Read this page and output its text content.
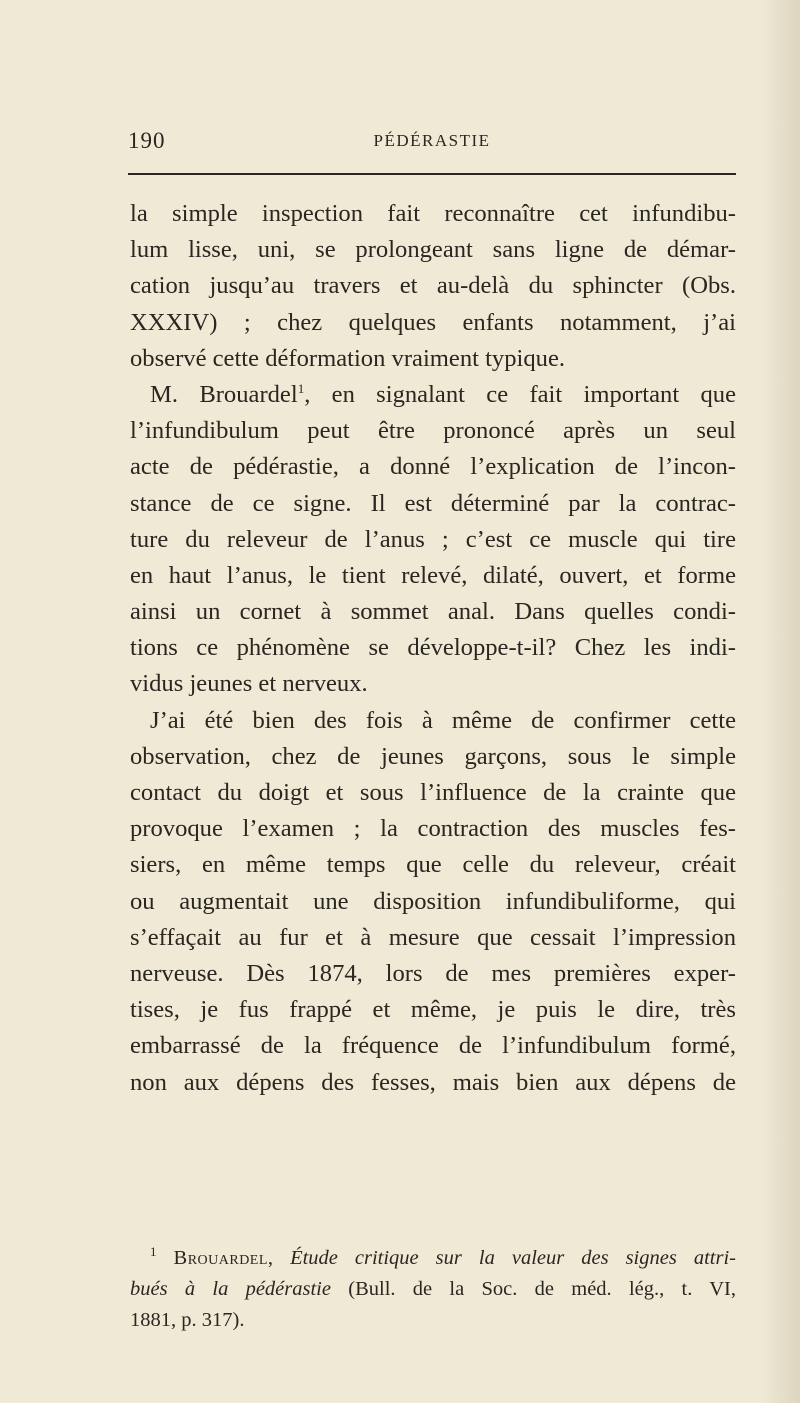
190	PÉDÉRASTIE
la simple inspection fait reconnaître cet infundibu-
lum lisse, uni, se prolongeant sans ligne de démar-
cation jusqu’au travers et au-delà du sphincter (Obs.
XXXIV) ; chez quelques enfants notamment, j’ai
observé cette déformation vraiment typique.
M. Brouardel$^1$, en signalant ce fait important que
l’infundibulum peut être prononcé après un seul
acte de pédérastie, a donné l’explication de l’incon-
stance de ce signe. Il est déterminé par la contrac-
ture du releveur de l’anus ; c’est ce muscle qui tire
en haut l’anus, le tient relevé, dilaté, ouvert, et forme
ainsi un cornet à sommet anal. Dans quelles condi-
tions ce phénomène se développe-t-il? Chez les indi-
vidus jeunes et nerveux.
J’ai été bien des fois à même de confirmer cette
observation, chez de jeunes garçons, sous le simple
contact du doigt et sous l’influence de la crainte que
provoque l’examen ; la contraction des muscles fes-
siers, en même temps que celle du releveur, créait
ou augmentait une disposition infundibuliforme, qui
s’effaçait au fur et à mesure que cessait l’impression
nerveuse. Dès 1874, lors de mes premières exper-
tises, je fus frappé et même, je puis le dire, très
embarrassé de la fréquence de l’infundibulum formé,
non aux dépens des fesses, mais bien aux dépens de
$^1$ Brouardel, Étude critique sur la valeur des signes attri-
bués à la pédérastie (Bull. de la Soc. de méd. lég., t. VI,
1881, p. 317).
